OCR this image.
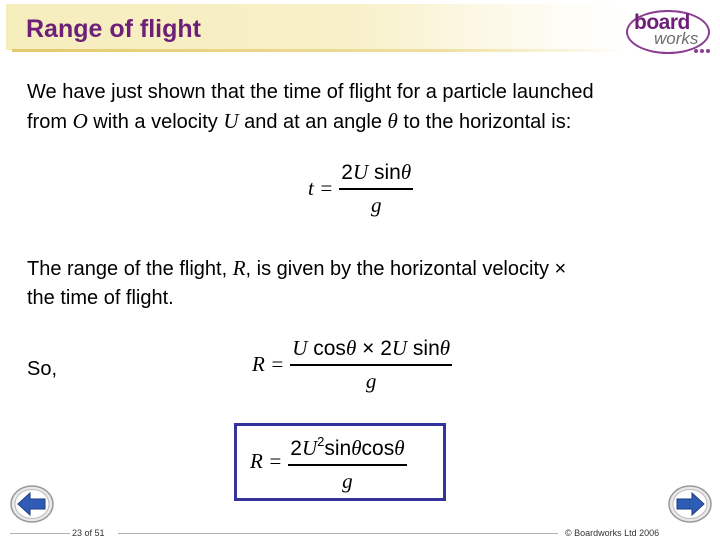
Range of flight	board
works

We have just shown that the time of flight for a particle launched
from O with a velocity U and at an angle θ to the horizontal is:

$t = \frac{\text{2U sinθ}}{g}$

The range of the flight, R, is given by the horizontal velocity ×
the time of flight.

So,	$R = \frac{\text{U cosθ × 2U sinθ}}{g}$
$R = \frac{2U^2\sin\theta\cos\theta}{g}$
23 of 51	© Boardworks Ltd 2006
